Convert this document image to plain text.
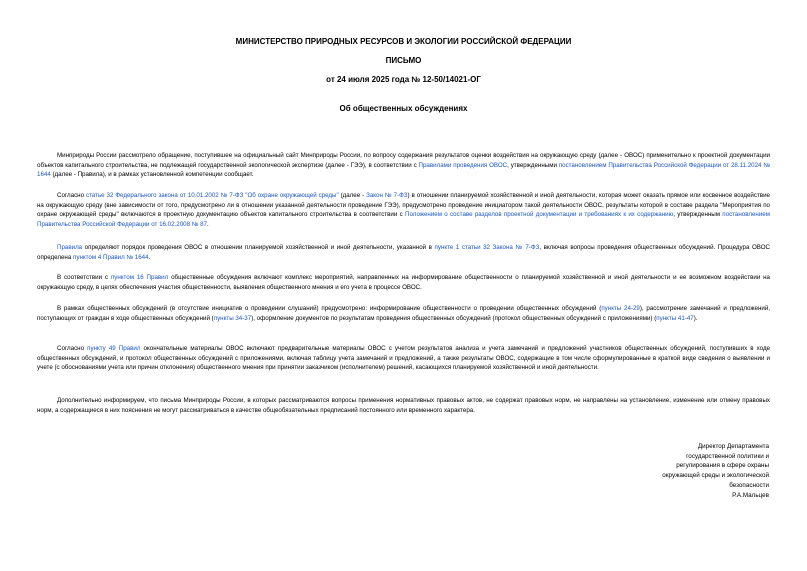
МИНИСТЕРСТВО ПРИРОДНЫХ РЕСУРСОВ И ЭКОЛОГИИ РОССИЙСКОЙ ФЕДЕРАЦИИ
ПИСЬМО
от 24 июля 2025 года № 12-50/14021-ОГ
Об общественных обсуждениях

Минприроды России рассмотрело обращение, поступившее на официальный сайт Минприроды России, по вопросу содержания результатов оценки воздействия на окружающую среду (далее - ОВОС) применительно к проектной документации объектов капитального строительства, не подлежащей государственной экологической экспертизе (далее - ГЭЭ), в соответствии с Правилами проведения ОВОС, утвержденными постановлением Правительства Российской Федерации от 28.11.2024 № 1644 (далее - Правила), и в рамках установленной компетенции сообщает.

Согласно статье 32 Федерального закона от 10.01.2002 № 7-ФЗ "Об охране окружающей среды" (далее - Закон № 7-ФЗ) в отношении планируемой хозяйственной и иной деятельности, которая может оказать прямое или косвенное воздействие на окружающую среду (вне зависимости от того, предусмотрено ли в отношении указанной деятельности проведение ГЭЭ), предусмотрено проведение инициатором такой деятельности ОВОС, результаты которой в составе раздела "Мероприятия по охране окружающей среды" включаются в проектную документацию объектов капитального строительства в соответствии с Положением о составе разделов проектной документации и требованиях к их содержанию, утвержденным постановлением Правительства Российской Федерации от 16.02.2008 № 87.

Правила определяют порядок проведения ОВОС в отношении планируемой хозяйственной и иной деятельности, указанной в пункте 1 статьи 32 Закона № 7-ФЗ, включая вопросы проведения общественных обсуждений. Процедура ОВОС определена пунктом 4 Правил № 1644.

В соответствии с пунктом 16 Правил общественные обсуждения включают комплекс мероприятий, направленных на информирование общественности о планируемой хозяйственной и иной деятельности и ее возможном воздействии на окружающую среду, в целях обеспечения участия общественности, выявления общественного мнения и его учета в процессе ОВОС.

В рамках общественных обсуждений (в отсутствие инициатив о проведении слушаний) предусмотрено: информирование общественности о проведении общественных обсуждений (пункты 24-29), рассмотрение замечаний и предложений, поступающих от граждан в ходе общественных обсуждений (пункты 34-37), оформление документов по результатам проведения общественных обсуждений (протокол общественных обсуждений с приложениями) (пункты 41-47).

Согласно пункту 49 Правил окончательные материалы ОВОС включают предварительные материалы ОВОС с учетом результатов анализа и учета замечаний и предложений участников общественных обсуждений, поступивших в ходе общественных обсуждений, и протокол общественных обсуждений с приложениями, включая таблицу учета замечаний и предложений, а также результаты ОВОС, содержащие в том числе сформулированные в краткой виде сведения о выявлении и учете (с обоснованиями учета или причин отклонения) общественного мнения при принятии заказчиком (исполнителем) решений, касающихся планируемой хозяйственной и иной деятельности.

Дополнительно информируем, что письма Минприроды России, в которых рассматриваются вопросы применения нормативных правовых актов, не содержат правовых норм, не направлены на установление, изменение или отмену правовых норм, а содержащиеся в них пояснения не могут рассматриваться в качестве общеобязательных предписаний постоянного или временного характера.

Директор Департамента
государственной политики и
регулирования в сфере охраны
окружающей среды и экологической
безопасности
Р.А.Мальцев
